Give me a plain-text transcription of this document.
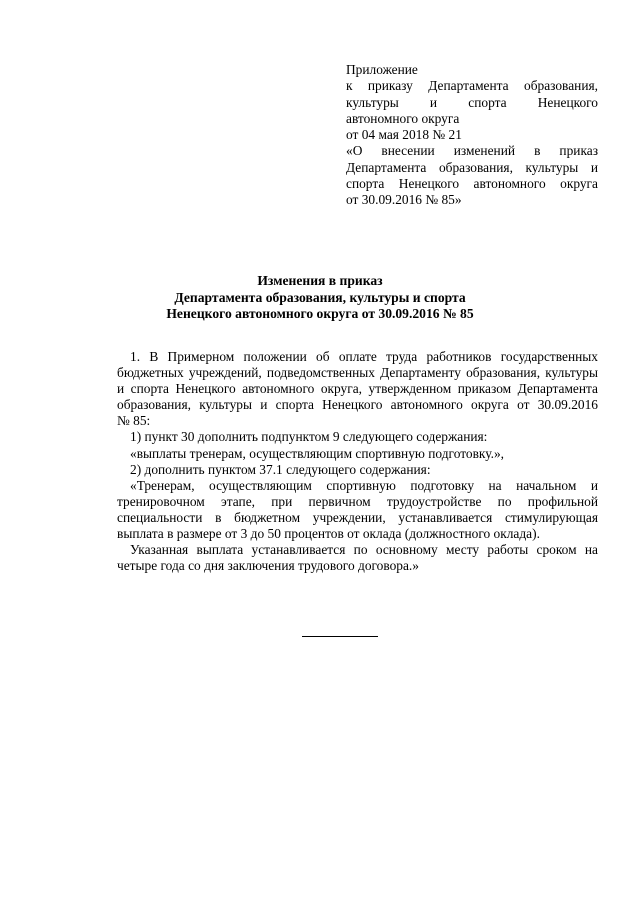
Приложение
к приказу Департамента образования,
культуры и спорта Ненецкого
автономного округа
от 04 мая 2018 № 21
«О внесении изменений в приказ
Департамента образования, культуры и
спорта Ненецкого автономного округа
от 30.09.2016 № 85»
Изменения в приказ
Департамента образования, культуры и спорта
Ненецкого автономного округа от 30.09.2016 № 85
1. В Примерном положении об оплате труда работников государственных
бюджетных учреждений, подведомственных Департаменту образования, культуры
и спорта Ненецкого автономного округа, утвержденном приказом Департамента
образования, культуры и спорта Ненецкого автономного округа от 30.09.2016
№ 85:
1) пункт 30 дополнить подпунктом 9 следующего содержания:
«выплаты тренерам, осуществляющим спортивную подготовку.»,
2) дополнить пунктом 37.1 следующего содержания:
«Тренерам, осуществляющим спортивную подготовку на начальном и
тренировочном этапе, при первичном трудоустройстве по профильной
специальности в бюджетном учреждении, устанавливается стимулирующая
выплата в размере от 3 до 50 процентов от оклада (должностного оклада).
Указанная выплата устанавливается по основному месту работы сроком на
четыре года со дня заключения трудового договора.»
